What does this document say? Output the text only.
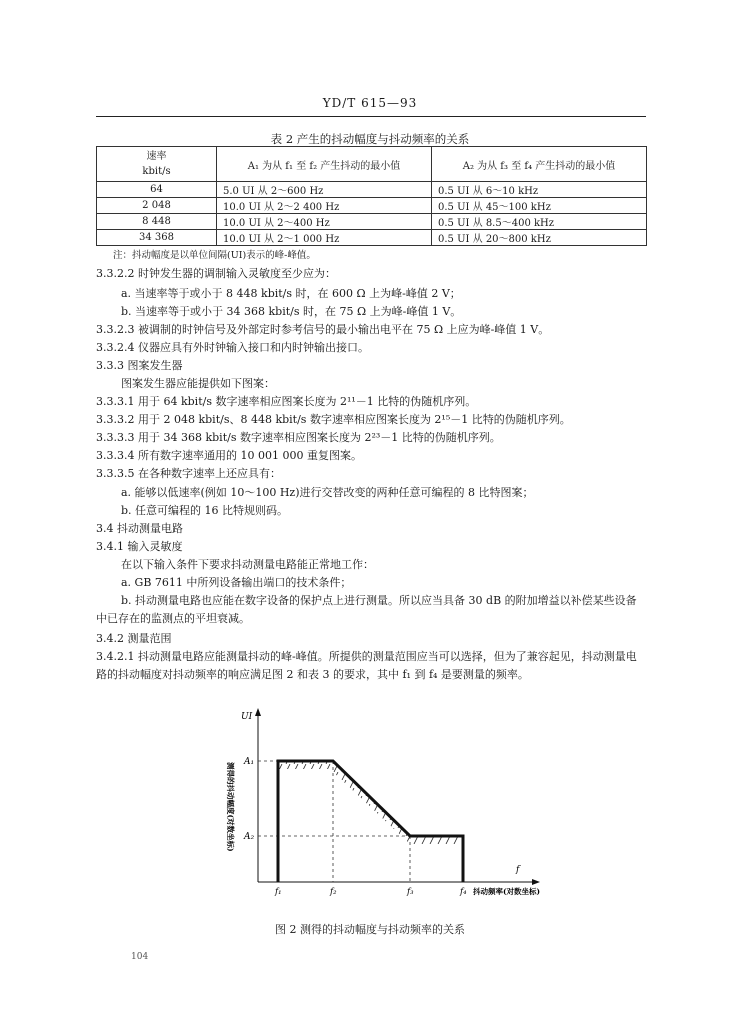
YD/T 615—93
表 2 产生的抖动幅度与抖动频率的关系
速率
kbit/s	A₁ 为从 f₁ 至 f₂ 产生抖动的最小值	A₂ 为从 f₃ 至 f₄ 产生抖动的最小值
64	5.0 UI 从 2～600 Hz	0.5 UI 从 6～10 kHz
2 048	10.0 UI 从 2～2 400 Hz	0.5 UI 从 45～100 kHz
8 448	10.0 UI 从 2～400 Hz	0.5 UI 从 8.5～400 kHz
34 368	10.0 UI 从 2～1 000 Hz	0.5 UI 从 20～800 kHz
注：抖动幅度是以单位间隔(UI)表示的峰-峰值。
3.3.2.2 时钟发生器的调制输入灵敏度至少应为：
a. 当速率等于或小于 8 448 kbit/s 时，在 600 Ω 上为峰-峰值 2 V；
b. 当速率等于或小于 34 368 kbit/s 时，在 75 Ω 上为峰-峰值 1 V。
3.3.2.3 被调制的时钟信号及外部定时参考信号的最小输出电平在 75 Ω 上应为峰-峰值 1 V。
3.3.2.4 仪器应具有外时钟输入接口和内时钟输出接口。
3.3.3 图案发生器
图案发生器应能提供如下图案：
3.3.3.1 用于 64 kbit/s 数字速率相应图案长度为 2¹¹－1 比特的伪随机序列。
3.3.3.2 用于 2 048 kbit/s、8 448 kbit/s 数字速率相应图案长度为 2¹⁵－1 比特的伪随机序列。
3.3.3.3 用于 34 368 kbit/s 数字速率相应图案长度为 2²³－1 比特的伪随机序列。
3.3.3.4 所有数字速率通用的 10 001 000 重复图案。
3.3.3.5 在各种数字速率上还应具有：
a. 能够以低速率(例如 10～100 Hz)进行交替改变的两种任意可编程的 8 比特图案；
b. 任意可编程的 16 比特规则码。
3.4 抖动测量电路
3.4.1 输入灵敏度
在以下输入条件下要求抖动测量电路能正常地工作：
a. GB 7611 中所列设备输出端口的技术条件；
b. 抖动测量电路也应能在数字设备的保护点上进行测量。所以应当具备 30 dB 的附加增益以补偿某些设备中已存在的监测点的平坦衰减。
3.4.2 测量范围
3.4.2.1 抖动测量电路应能测量抖动的峰-峰值。所提供的测量范围应当可以选择，但为了兼容起见，抖动测量电路的抖动幅度对抖动频率的响应满足图 2 和表 3 的要求，其中 f₁ 到 f₄ 是要测量的频率。
UI
A₁
A₂
测得的抖动幅度(对数坐标)
f
f₁	f₂	f₃	f₄ 抖动频率(对数坐标)
图 2 测得的抖动幅度与抖动频率的关系
104
